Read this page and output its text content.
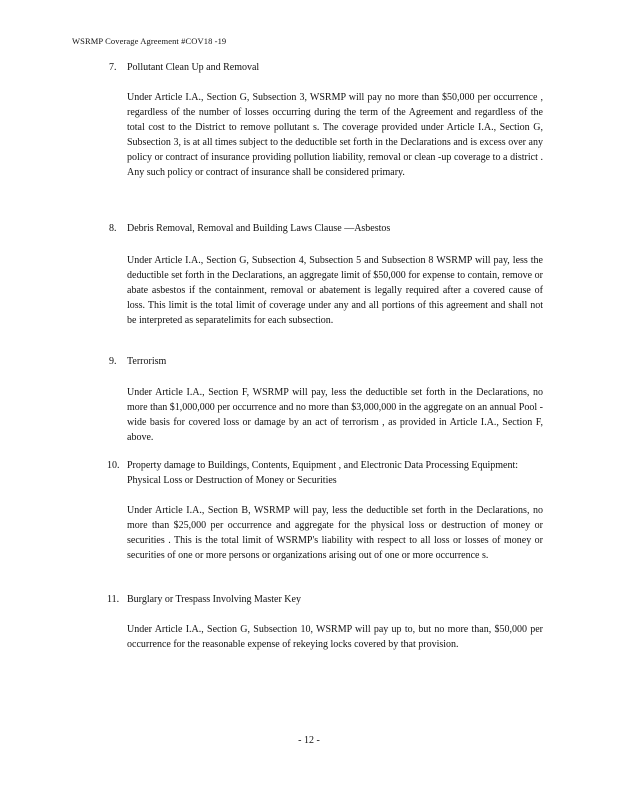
WSRMP Coverage Agreement #COV18 -19
7. Pollutant Clean Up and Removal
Under Article I.A., Section G, Subsection 3, WSRMP will pay no more than $50,000 per occurrence , regardless of the number of losses occurring during the term of the Agreement and regardless of the total cost to the District to remove pollutant s. The coverage provided under Article I.A., Section G, Subsection 3, is at all times subject to the deductible set forth in the Declarations and is excess over any policy or contract of insurance providing pollution liability, removal or clean -up coverage to a district . Any such policy or contract of insurance shall be considered primary.
8. Debris Removal, Removal and Building Laws Clause —Asbestos
Under Article I.A., Section G, Subsection 4, Subsection 5 and Subsection 8 WSRMP will pay, less the deductible set forth in the Declarations, an aggregate limit of $50,000 for expense to contain, remove or abate asbestos if the containment, removal or abatement is legally required after a covered cause of loss. This limit is the total limit of coverage under any and all portions of this agreement and shall not be interpreted as separatelimits for each subsection.
9. Terrorism
Under Article I.A., Section F, WSRMP will pay, less the deductible set forth in the Declarations, no more than $1,000,000 per occurrence and no more than $3,000,000 in the aggregate on an annual Pool -wide basis for covered loss or damage by an act of terrorism , as provided in Article I.A., Section F, above.
10. Property damage to Buildings, Contents, Equipment , and Electronic Data Processing Equipment: Physical Loss or Destruction of Money or Securities
Under Article I.A., Section B, WSRMP will pay, less the deductible set forth in the Declarations, no more than $25,000 per occurrence and aggregate for the physical loss or destruction of money or securities . This is the total limit of WSRMP's liability with respect to all loss or losses of money or securities of one or more persons or organizations arising out of one or more occurrence s.
11. Burglary or Trespass Involving Master Key
Under Article I.A., Section G, Subsection 10, WSRMP will pay up to, but no more than, $50,000 per occurrence for the reasonable expense of rekeying locks covered by that provision.
- 12 -
